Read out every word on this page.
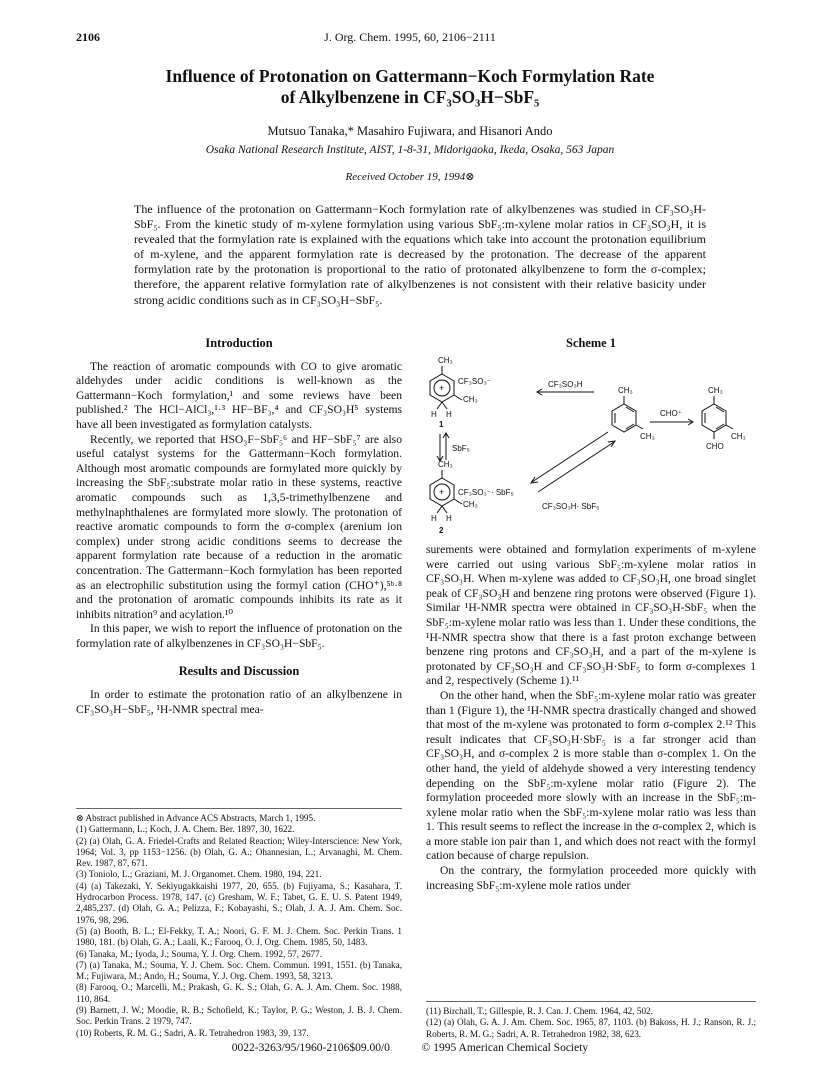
2106	J. Org. Chem. 1995, 60, 2106−2111
Influence of Protonation on Gattermann−Koch Formylation Rate
of Alkylbenzene in CF₃SO₃H−SbF₅
Mutsuo Tanaka,* Masahiro Fujiwara, and Hisanori Ando
Osaka National Research Institute, AIST, 1-8-31, Midorigaoka, Ikeda, Osaka, 563 Japan
Received October 19, 1994⊗

The influence of the protonation on Gattermann−Koch formylation rate of alkylbenzenes was studied in CF₃SO₃H-SbF₅. From the kinetic study of m-xylene formylation using various SbF₅:m-xylene molar ratios in CF₃SO₃H, it is revealed that the formylation rate is explained with the equations which take into account the protonation equilibrium of m-xylene, and the apparent formylation rate is decreased by the protonation. The decrease of the apparent formylation rate by the protonation is proportional to the ratio of protonated alkylbenzene to form the σ-complex; therefore, the apparent relative formylation rate of alkylbenzenes is not consistent with their relative basicity under strong acidic conditions such as in CF₃SO₃H−SbF₅.

Introduction

The reaction of aromatic compounds with CO to give aromatic aldehydes under acidic conditions is well-known as the Gattermann−Koch formylation,¹ and some reviews have been published.² The HCl−AlCl₃,¹·³ HF−BF₃,⁴ and CF₃SO₃H⁵ systems have all been investigated as formylation catalysts.

Recently, we reported that HSO₃F−SbF₅⁶ and HF−SbF₅⁷ are also useful catalyst systems for the Gattermann−Koch formylation. Although most aromatic compounds are formylated more quickly by increasing the SbF₅:substrate molar ratio in these systems, reactive aromatic compounds such as 1,3,5-trimethylbenzene and methylnaphthalenes are formylated more slowly. The protonation of reactive aromatic compounds to form the σ-complex (arenium ion complex) under strong acidic conditions seems to decrease the apparent formylation rate because of a reduction in the aromatic concentration. The Gattermann−Koch formylation has been reported as an electrophilic substitution using the formyl cation (CHO⁺),⁵ᵇ·⁸ and the protonation of aromatic compounds inhibits its rate as it inhibits nitration⁹ and acylation.¹⁰

In this paper, we wish to report the influence of protonation on the formylation rate of alkylbenzenes in CF₃SO₃H−SbF₅.

Results and Discussion

In order to estimate the protonation ratio of an alkylbenzene in CF₃SO₃H−SbF₅, ¹H-NMR spectral mea-

⊗ Abstract published in Advance ACS Abstracts, March 1, 1995.

(1) Gattermann, L.; Koch, J. A. Chem. Ber. 1897, 30, 1622.

(2) (a) Olah, G. A. Friedel-Crafts and Related Reaction; Wiley-Interscience: New York, 1964; Vol. 3, pp 1153−1256. (b) Olah, G. A.; Ohannesian, L.; Arvanaghi, M. Chem. Rev. 1987, 87, 671.

(3) Toniolo, L.; Graziani, M. J. Organomet. Chem. 1980, 194, 221.

(4) (a) Takezaki, Y. Sekiyugakkaishi 1977, 20, 655. (b) Fujiyama, S.; Kasahara, T. Hydrocarbon Process. 1978, 147. (c) Gresham, W. F.; Tabet, G. E. U. S. Patent 1949, 2,485,237. (d) Olah, G. A.; Pelizza, F.; Kobayashi, S.; Olah, J. A. J. Am. Chem. Soc. 1976, 98, 296.

(5) (a) Booth, B. L.; El-Fekky, T. A.; Noori, G. F. M. J. Chem. Soc. Perkin Trans. 1 1980, 181. (b) Olah, G. A.; Laali, K.; Farooq, O. J. Org. Chem. 1985, 50, 1483.

(6) Tanaka, M.; Iyoda, J.; Souma, Y. J. Org. Chem. 1992, 57, 2677.

(7) (a) Tanaka, M.; Souma, Y. J. Chem. Soc. Chem. Commun. 1991, 1551. (b) Tanaka, M.; Fujiwara, M.; Ando, H.; Souma, Y. J. Org. Chem. 1993, 58, 3213.

(8) Farooq, O.; Marcelli, M.; Prakash, G. K. S.; Olah, G. A. J. Am. Chem. Soc. 1988, 110, 864.

(9) Barnett, J. W.; Moodie, R. B.; Schofield, K.; Taylor, P. G.; Weston, J. B. J. Chem. Soc. Perkin Trans. 2 1979, 747.

(10) Roberts, R. M. G.; Sadri, A. R. Tetrahedron 1983, 39, 137.

Scheme 1
CH₃
+
CF₃SO₃⁻
CH₃
H H
1
SbF₅
CH₃
+ CF₃SO₃⁻· SbF₅
CH₃
H H
2
CF₃SO₃H
CF₃SO₃H· SbF₅
CH₃
CH₃
CHO⁺
CH₃
CH₃
CHO

surements were obtained and formylation experiments of m-xylene were carried out using various SbF₅:m-xylene molar ratios in CF₃SO₃H. When m-xylene was added to CF₃SO₃H, one broad singlet peak of CF₃SO₃H and benzene ring protons were observed (Figure 1). Similar ¹H-NMR spectra were obtained in CF₃SO₃H-SbF₅ when the SbF₅:m-xylene molar ratio was less than 1. Under these conditions, the ¹H-NMR spectra show that there is a fast proton exchange between benzene ring protons and CF₃SO₃H, and a part of the m-xylene is protonated by CF₃SO₃H and CF₃SO₃H·SbF₅ to form σ-complexes 1 and 2, respectively (Scheme 1).¹¹

On the other hand, when the SbF₅:m-xylene molar ratio was greater than 1 (Figure 1), the ¹H-NMR spectra drastically changed and showed that most of the m-xylene was protonated to form σ-complex 2.¹² This result indicates that CF₃SO₃H·SbF₅ is a far stronger acid than CF₃SO₃H, and σ-complex 2 is more stable than σ-complex 1. On the other hand, the yield of aldehyde showed a very interesting tendency depending on the SbF₅:m-xylene molar ratio (Figure 2). The formylation proceeded more slowly with an increase in the SbF₅:m-xylene molar ratio when the SbF₅:m-xylene molar ratio was less than 1. This result seems to reflect the increase in the σ-complex 2, which is a more stable ion pair than 1, and which does not react with the formyl cation because of charge repulsion.

On the contrary, the formylation proceeded more quickly with increasing SbF₅:m-xylene mole ratios under

(11) Birchall, T.; Gillespie, R. J. Can. J. Chem. 1964, 42, 502.

(12) (a) Olah, G. A. J. Am. Chem. Soc. 1965, 87, 1103. (b) Bakoss, H. J.; Ranson, R. J.; Roberts, R. M. G.; Sadri, A. R. Tetrahedron 1982, 38, 623.

0022-3263/95/1960-2106$09.00/0	© 1995 American Chemical Society
